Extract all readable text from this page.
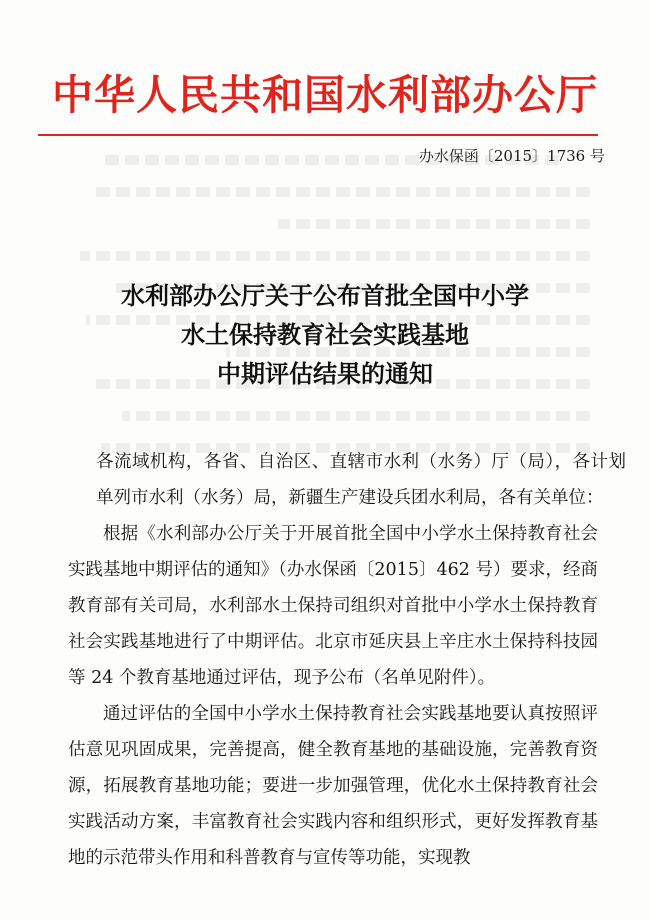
中华人民共和国水利部办公厅
办水保函〔2015〕1736 号
水利部办公厅关于公布首批全国中小学
水土保持教育社会实践基地
中期评估结果的通知

各流域机构，各省、自治区、直辖市水利（水务）厅（局），各计划单列市水利（水务）局，新疆生产建设兵团水利局，各有关单位：

根据《水利部办公厅关于开展首批全国中小学水土保持教育社会实践基地中期评估的通知》（办水保函〔2015〕462 号）要求，经商教育部有关司局，水利部水土保持司组织对首批中小学水土保持教育社会实践基地进行了中期评估。北京市延庆县上辛庄水土保持科技园等 24 个教育基地通过评估，现予公布（名单见附件）。

通过评估的全国中小学水土保持教育社会实践基地要认真按照评估意见巩固成果，完善提高，健全教育基地的基础设施，完善教育资源，拓展教育基地功能；要进一步加强管理，优化水土保持教育社会实践活动方案，丰富教育社会实践内容和组织形式，更好发挥教育基地的示范带头作用和科普教育与宣传等功能，实现教
